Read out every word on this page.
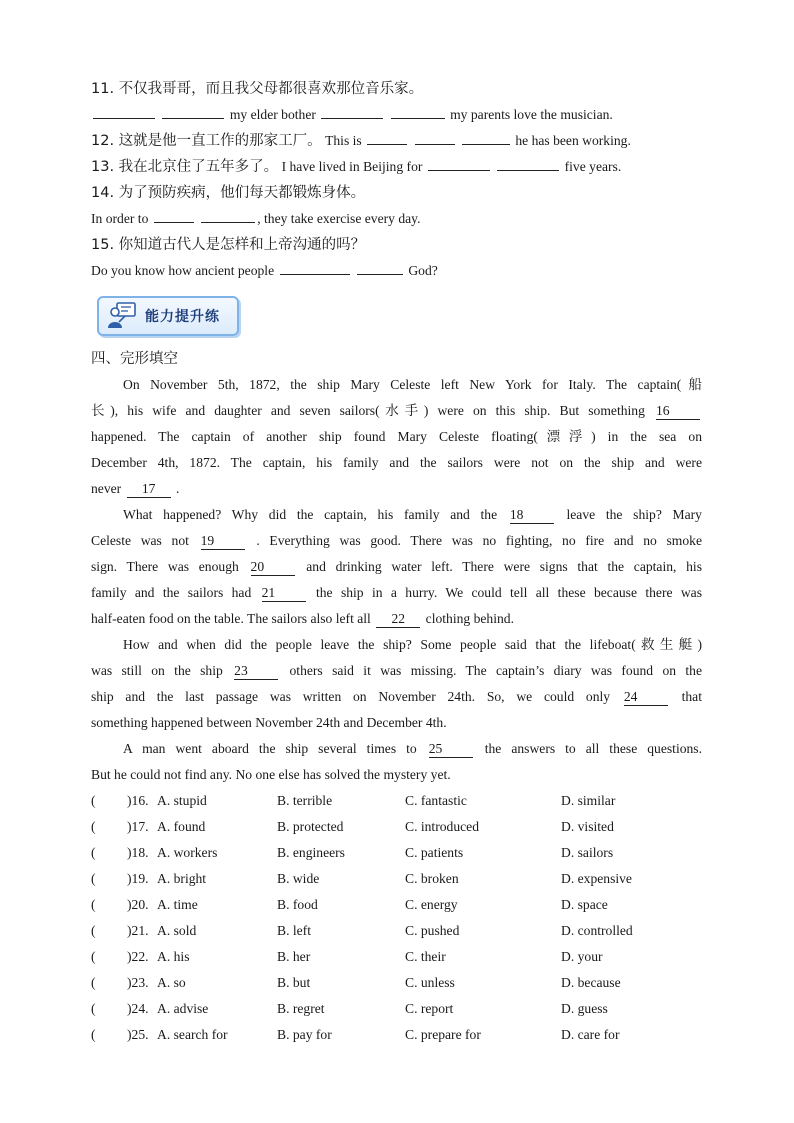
11. 不仅我哥哥，而且我父母都很喜欢那位音乐家。
my elder bother	my parents love the musician.
12. 这就是他一直工作的那家工厂。 This is	he has been working.
13. 我在北京住了五年多了。 I have lived in Beijing for	five years.
14. 为了预防疾病，他们每天都锻炼身体。
In order to	, they take exercise every day.
15. 你知道古代人是怎样和上帝沟通的吗？
Do you know how ancient people	God?
能力提升练
四、完形填空
On November 5th, 1872, the ship Mary Celeste left New York for Italy. The captain(船
长), his wife and daughter and seven sailors(水手) were on this ship. But something 16
happened. The captain of another ship found Mary Celeste floating(漂浮) in the sea on
December 4th, 1872. The captain, his family and the sailors were not on the ship and were
never 17 .
What happened? Why did the captain, his family and the 18	leave the ship? Mary
Celeste was not 19	. Everything was good. There was no fighting, no fire and no smoke
sign. There was enough 20	and drinking water left. There were signs that the captain, his
family and the sailors had 21	the ship in a hurry. We could tell all these because there was
half-eaten food on the table. The sailors also left all 22 clothing behind.
How and when did the people leave the ship? Some people said that the lifeboat(救生艇)
was still on the ship 23	others said it was missing. The captain’s diary was found on the
ship and the last passage was written on November 24th. So, we could only 24	that
something happened between November 24th and December 4th.
A man went aboard the ship several times to 25	the answers to all these questions.
But he could not find any. No one else has solved the mystery yet.
( )16. A. stupid	B. terrible	C. fantastic	D. similar
( )17. A. found	B. protected	C. introduced	D. visited
( )18. A. workers	B. engineers	C. patients	D. sailors
( )19. A. bright	B. wide	C. broken	D. expensive
( )20. A. time	B. food	C. energy	D. space
( )21. A. sold	B. left	C. pushed	D. controlled
( )22. A. his	B. her	C. their	D. your
( )23. A. so	B. but	C. unless	D. because
( )24. A. advise	B. regret	C. report	D. guess
( )25. A. search for	B. pay for	C. prepare for	D. care for
